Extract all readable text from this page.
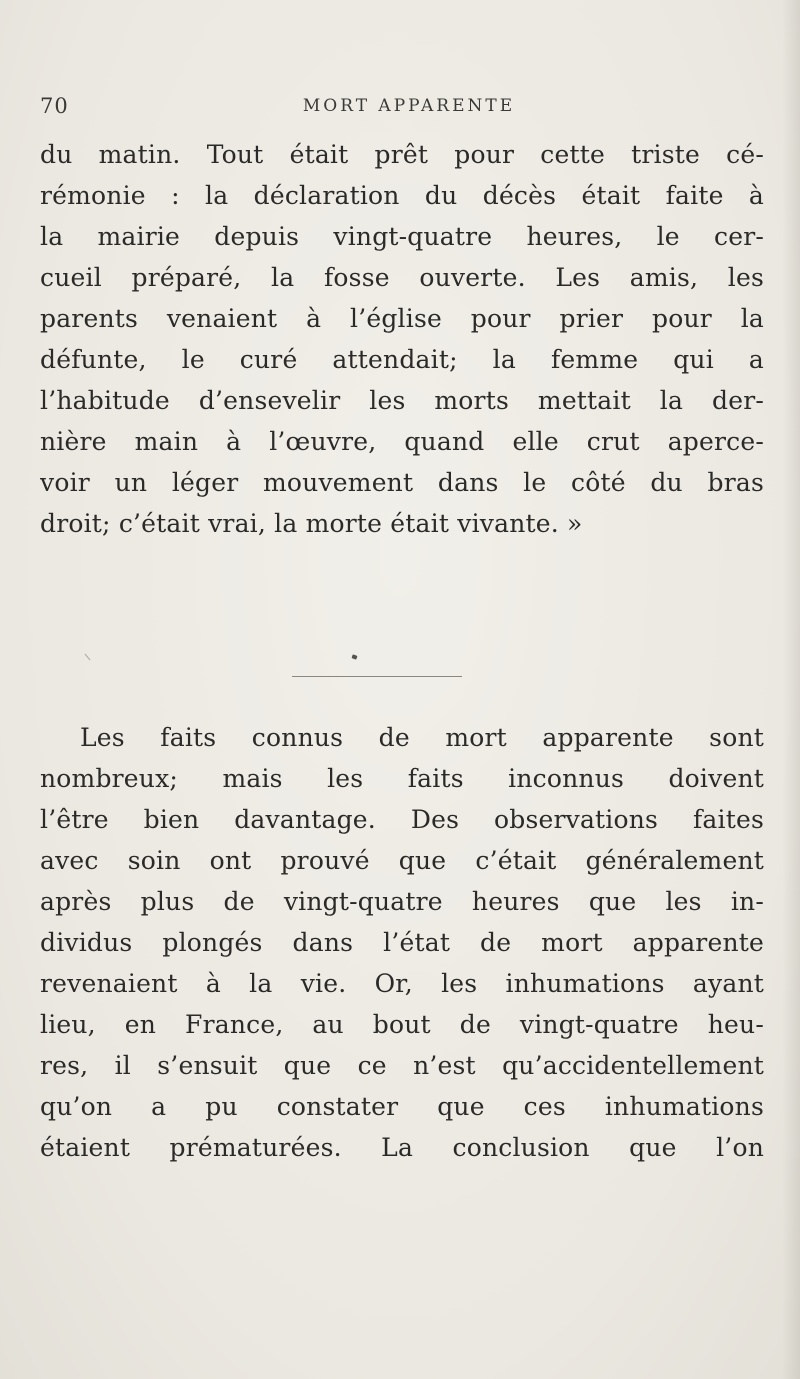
70	MORT APPARENTE
du matin. Tout était prêt pour cette triste cé-
rémonie : la déclaration du décès était faite à
la mairie depuis vingt-quatre heures, le cer-
cueil préparé, la fosse ouverte. Les amis, les
parents venaient à l’église pour prier pour la
défunte, le curé attendait; la femme qui a
l’habitude d’ensevelir les morts mettait la der-
nière main à l’œuvre, quand elle crut aperce-
voir un léger mouvement dans le côté du bras
droit; c’était vrai, la morte était vivante. »
Les faits connus de mort apparente sont
nombreux; mais les faits inconnus doivent
l’être bien davantage. Des observations faites
avec soin ont prouvé que c’était généralement
après plus de vingt-quatre heures que les in-
dividus plongés dans l’état de mort apparente
revenaient à la vie. Or, les inhumations ayant
lieu, en France, au bout de vingt-quatre heu-
res, il s’ensuit que ce n’est qu’accidentellement
qu’on a pu constater que ces inhumations
étaient prématurées. La conclusion que l’on
